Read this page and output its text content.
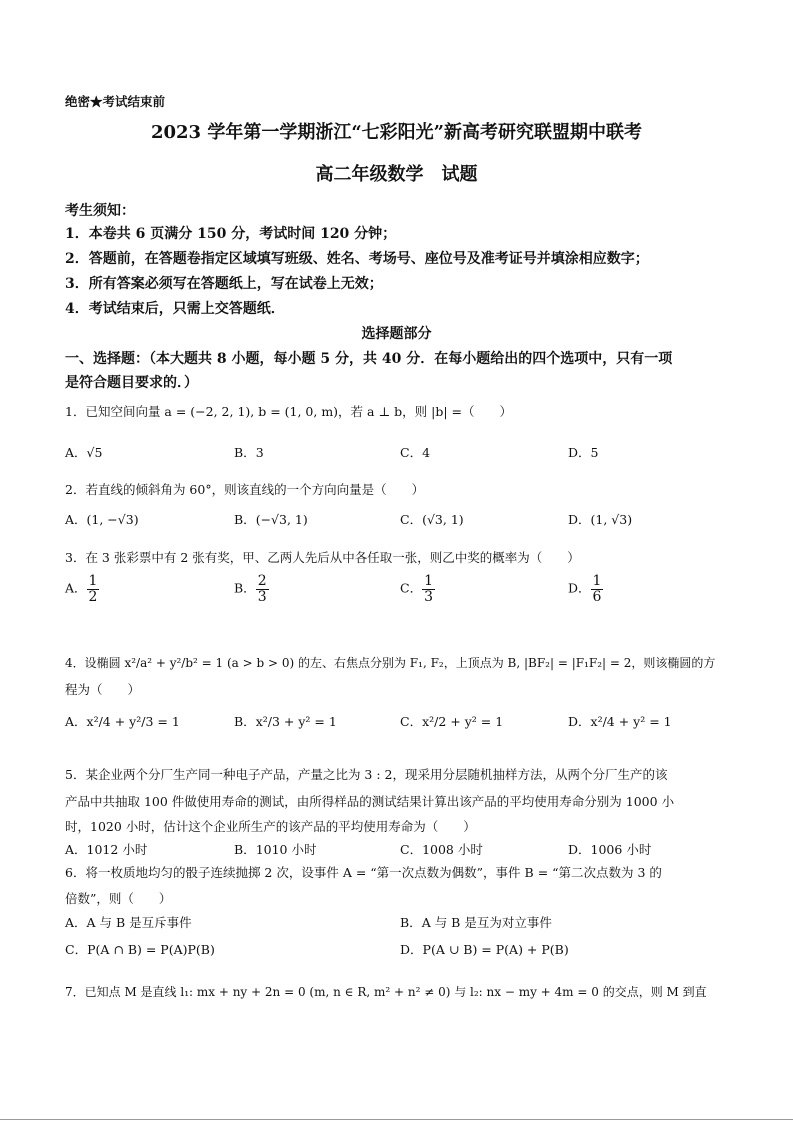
绝密★考试结束前
2023 学年第一学期浙江“七彩阳光”新高考研究联盟期中联考
高二年级数学　试题
考生须知：
1．本卷共 6 页满分 150 分，考试时间 120 分钟；
2．答题前，在答题卷指定区域填写班级、姓名、考场号、座位号及准考证号并填涂相应数字；
3．所有答案必须写在答题纸上，写在试卷上无效；
4．考试结束后，只需上交答题纸．
选择题部分
一、选择题：（本大题共 8 小题，每小题 5 分，共 40 分．在每小题给出的四个选项中，只有一项
是符合题目要求的．）
1．已知空间向量 a = (−2, 2, 1), b = (1, 0, m)，若 a ⊥ b，则 |b| =（　　）
A．√5	B．3	C．4	D．5
2．若直线的倾斜角为 60°，则该直线的一个方向向量是（　　）
A．(1, −√3)	B．(−√3, 1)	C．(√3, 1)	D．(1, √3)
3．在 3 张彩票中有 2 张有奖，甲、乙两人先后从中各任取一张，则乙中奖的概率为（　　）
A． $\frac{1}{2}$	B． $\frac{2}{3}$	C． $\frac{1}{3}$	D． $\frac{1}{6}$
4．设椭圆 x²/a² + y²/b² = 1 (a > b > 0) 的左、右焦点分别为 F₁, F₂，上顶点为 B, |BF₂| = |F₁F₂| = 2，则该椭圆的方
程为（　　）
A．x²/4 + y²/3 = 1	B．x²/3 + y² = 1	C．x²/2 + y² = 1	D．x²/4 + y² = 1
5．某企业两个分厂生产同一种电子产品，产量之比为 3 : 2，现采用分层随机抽样方法，从两个分厂生产的该
产品中共抽取 100 件做使用寿命的测试，由所得样品的测试结果计算出该产品的平均使用寿命分别为 1000 小
时，1020 小时，估计这个企业所生产的该产品的平均使用寿命为（　　）
A．1012 小时	B．1010 小时	C．1008 小时	D．1006 小时
6．将一枚质地均匀的骰子连续抛掷 2 次，设事件 A = “第一次点数为偶数”，事件 B = “第二次点数为 3 的
倍数”，则（　　）
A．A 与 B 是互斥事件	B．A 与 B 是互为对立事件
C．P(A ∩ B) = P(A)P(B)	D．P(A ∪ B) = P(A) + P(B)
7．已知点 M 是直线 l₁: mx + ny + 2n = 0 (m, n ∈ R, m² + n² ≠ 0) 与 l₂: nx − my + 4m = 0 的交点，则 M 到直
